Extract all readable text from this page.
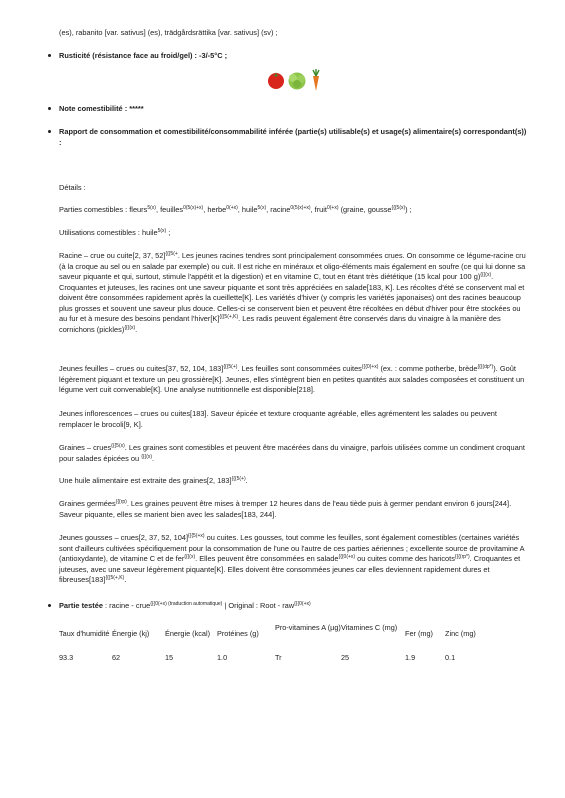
(es), rabanito [var. sativus] (es), trädgårdsrättika [var. sativus] (sv) ;
Rusticité (résistance face au froid/gel) : -3/-5°C ;
Note comestibilité : *****
Rapport de consommation et comestibilité/consommabilité inférée (partie(s) utilisable(s) et usage(s) alimentaire(s) correspondant(s)) :
Détails :

Parties comestibles : fleurs$^{5(x)}$, feuilles$^{0(5(x)+x)}$, herbe$^{0(+x)}$, huile$^{5(x)}$, racine$^{0(5(x)+x)}$, fruit$^{0(+x)}$ (graine, gousse$^{\{\{\{5(x)}$) ;

Utilisations comestibles : huile$^{5(x)}$ ;

Racine – crue ou cuite[2, 37, 52]$^{\{\{\{5(+}$. Les jeunes racines tendres sont principalement consommées crues. On consomme ce légume-racine cru (à la croque au sel ou en salade par exemple) ou cuit. Il est riche en minéraux et oligo-éléments mais également en soufre (ce qui lui donne sa saveur piquante et qui, surtout, stimule l'appétit et la digestion) et en vitamine C, tout en étant très diététique (15 kcal pour 100 g)$^{\{\{\{(x)}$. Croquantes et juteuses, les racines ont une saveur piquante et sont très appréciées en salade[183, K]. Les récoltes d'été se conservent mal et doivent être consommées rapidement après la cueillette[K]. Les variétés d'hiver (y compris les variétés japonaises) ont des racines beaucoup plus grosses et souvent une saveur plus douce. Celles-ci se conservent bien et peuvent être récoltées en début d'hiver pour être stockées ou au fur et à mesure des besoins pendant $l'hiver[K]^{\{\{\{5(+,K)}$. Les radis peuvent également être conservés dans du vinaigre à la manière des cornichons (pickles)$^{\{\{\{(x)}$.

Jeunes feuilles – crues ou cuites[37, 52, 104, 183]$^{\{\{\{5(+)}$. Les feuilles sont consommées cuites$^{\{\{\{0(+x)}$ (ex. : comme potherbe, brède$^{\{\{\{(dp*)}$). Goût légèrement piquant et texture un peu grossière[K]. Jeunes, elles s'intègrent bien en petites quantités aux salades composées et constituent un légume vert cuit convenable[K]. Une analyse nutritionnelle est disponible[218].

Jeunes inflorescences – crues ou cuites[183]. Saveur épicée et texture croquante agréable, elles agrémentent les salades ou peuvent remplacer le brocoli[9, K].

Graines – crues$^{\{\{\{5(x)}$. Les graines sont comestibles et peuvent être macérées dans du vinaigre, parfois utilisées comme un condiment croquant pour salades épicées ou $^{\{\{\{(x)}$.

Une huile alimentaire est extraite des graines[2, 183]$^{\{\{\{5(+)}$.

Graines germées$^{\{\{\{rp)}$. Les graines peuvent être mises à tremper 12 heures dans de l'eau tiède puis à germer pendant environ 6 jours[244]. Saveur piquante, elles se marient bien avec les salades[183, 244].

Jeunes gousses – crues[2, 37, 52, 104]$^{\{\{\{5(+x)}$ ou cuites. Les gousses, tout comme les feuilles, sont également comestibles (certaines variétés sont d'ailleurs cultivées spécifiquement pour la consommation de l'une ou l'autre de ces parties aériennes ; excellente source de provitamine A (antioxydante), de vitamine C et de fer$^{\{\{\{(x)}$. Elles peuvent être consommées en salade$^{\{\{\{0(+x)}$ ou cuites comme des haricots$^{\{\{\{(rp*)}$. Croquantes et juteuses, avec une saveur légèrement piquante[K]. Elles doivent être consommées jeunes car elles deviennent rapidement dures et $fibreuses[183]^{\{\{\{5(+,K)}$.

Partie testée : racine - crue$^{\{\{\{0(+x)}$ $^{(traduction automatique)}$ | Original : Root - raw$^{\{\{\{0(+x)}$
Taux d'humidité	Énergie (kj)	Énergie (kcal)	Protéines (g)	Pro-vitamines A (µg)	Vitamines C (mg)	Fer (mg)	Zinc (mg)
93.3	62	15	1.0	Tr	25	1.9	0.1
